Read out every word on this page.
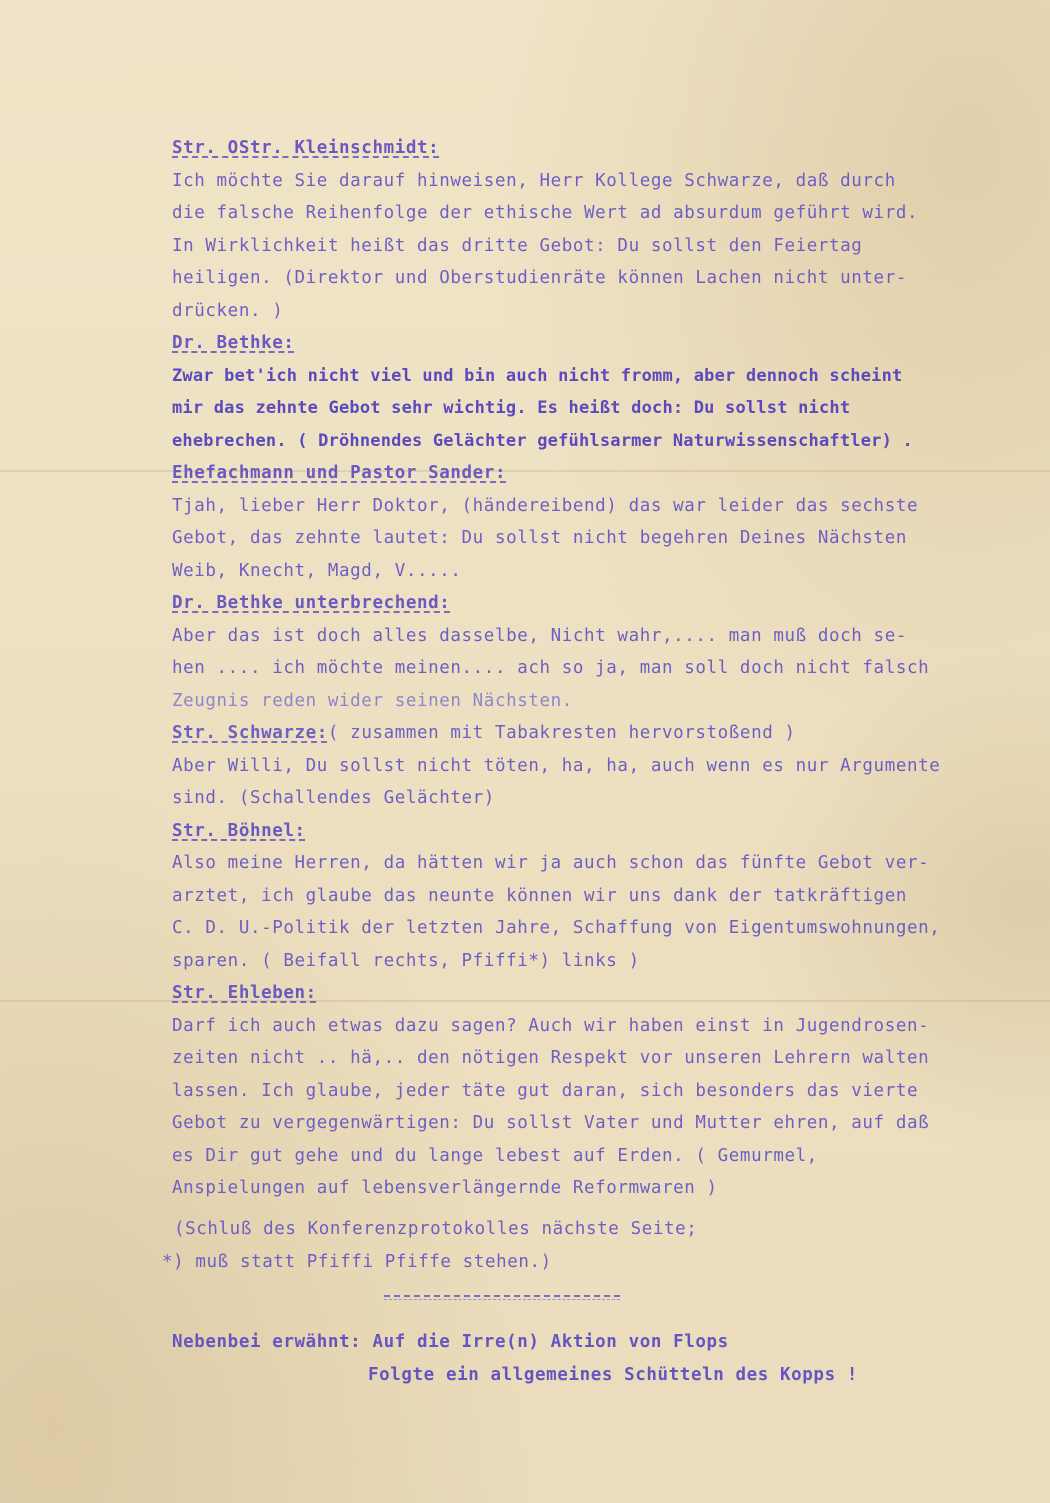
Str. OStr. Kleinschmidt:
Ich möchte Sie darauf hinweisen, Herr Kollege Schwarze, daß durch
die falsche Reihenfolge der ethische Wert ad absurdum geführt wird.
In Wirklichkeit heißt das dritte Gebot: Du sollst den Feiertag
heiligen. (Direktor und Oberstudienräte können Lachen nicht unter-
drücken. )
Dr. Bethke:
Zwar bet'ich nicht viel und bin auch nicht fromm, aber dennoch scheint
mir das zehnte Gebot sehr wichtig. Es heißt doch: Du sollst nicht
ehebrechen. ( Dröhnendes Gelächter gefühlsarmer Naturwissenschaftler) .
Ehefachmann und Pastor Sander:
Tjah, lieber Herr Doktor, (händereibend) das war leider das sechste
Gebot, das zehnte lautet: Du sollst nicht begehren Deines Nächsten
Weib, Knecht, Magd, V.....
Dr. Bethke unterbrechend:
Aber das ist doch alles dasselbe, Nicht wahr,.... man muß doch se-
hen .... ich möchte meinen.... ach so ja, man soll doch nicht falsch
Zeugnis reden wider seinen Nächsten.
Str. Schwarze:( zusammen mit Tabakresten hervorstoßend )
Aber Willi, Du sollst nicht töten, ha, ha, auch wenn es nur Argumente
sind. (Schallendes Gelächter)
Str. Böhnel:
Also meine Herren, da hätten wir ja auch schon das fünfte Gebot ver-
arztet, ich glaube das neunte können wir uns dank der tatkräftigen
C. D. U.-Politik der letzten Jahre, Schaffung von Eigentumswohnungen,
sparen. ( Beifall rechts, Pfiffi*) links )
Str. Ehleben:
Darf ich auch etwas dazu sagen? Auch wir haben einst in Jugendrosen-
zeiten nicht .. hä,.. den nötigen Respekt vor unseren Lehrern walten
lassen. Ich glaube, jeder täte gut daran, sich besonders das vierte
Gebot zu vergegenwärtigen: Du sollst Vater und Mutter ehren, auf daß
es Dir gut gehe und du lange lebest auf Erden. ( Gemurmel,
Anspielungen auf lebensverlängernde Reformwaren )
(Schluß des Konferenzprotokolles nächste Seite;
*) muß statt Pfiffi Pfiffe stehen.)
Nebenbei erwähnt: Auf die Irre(n) Aktion von Flops
Folgte ein allgemeines Schütteln des Kopps !
